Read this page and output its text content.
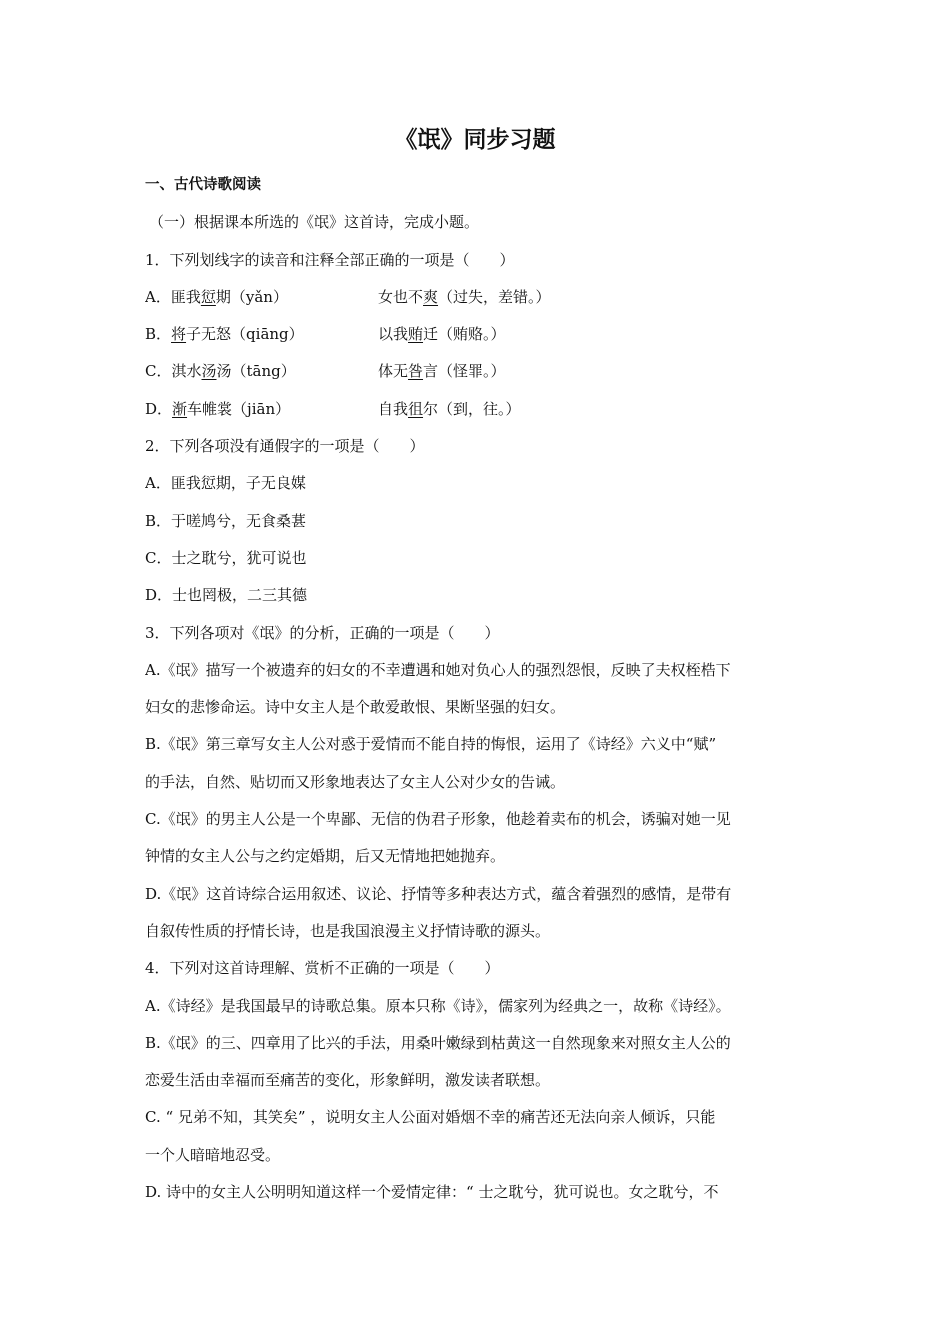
《氓》同步习题
一、古代诗歌阅读
（一）根据课本所选的《氓》这首诗，完成小题。
1．下列划线字的读音和注释全部正确的一项是（　　）
A．匪我愆期（yǎn）	女也不爽（过失，差错。）
B．将子无怒（qiāng）	以我贿迁（贿赂。）
C．淇水汤汤（tāng）	体无咎言（怪罪。）
D．渐车帷裳（jiān）	自我徂尔（到，往。）
2．下列各项没有通假字的一项是（　　）
A．匪我愆期，子无良媒
B．于嗟鸠兮，无食桑葚
C．士之耽兮，犹可说也
D．士也罔极，二三其德
3．下列各项对《氓》的分析，正确的一项是（　　）
A.《氓》描写一个被遗弃的妇女的不幸遭遇和她对负心人的强烈怨恨，反映了夫权桎梏下
妇女的悲惨命运。诗中女主人是个敢爱敢恨、果断坚强的妇女。
B.《氓》第三章写女主人公对惑于爱情而不能自持的悔恨，运用了《诗经》六义中“赋”
的手法，自然、贴切而又形象地表达了女主人公对少女的告诫。
C.《氓》的男主人公是一个卑鄙、无信的伪君子形象，他趁着卖布的机会，诱骗对她一见
钟情的女主人公与之约定婚期，后又无情地把她抛弃。
D.《氓》这首诗综合运用叙述、议论、抒情等多种表达方式，蕴含着强烈的感情，是带有
自叙传性质的抒情长诗，也是我国浪漫主义抒情诗歌的源头。
4．下列对这首诗理解、赏析不正确的一项是（　　）
A.《诗经》是我国最早的诗歌总集。原本只称《诗》，儒家列为经典之一，故称《诗经》。
B.《氓》的三、四章用了比兴的手法，用桑叶嫩绿到枯黄这一自然现象来对照女主人公的
恋爱生活由幸福而至痛苦的变化，形象鲜明，激发读者联想。
C. “ 兄弟不知，其笑矣” ，说明女主人公面对婚烟不幸的痛苦还无法向亲人倾诉，只能
一个人暗暗地忍受。
D. 诗中的女主人公明明知道这样一个爱情定律：“ 士之耽兮，犹可说也。女之耽兮，不
